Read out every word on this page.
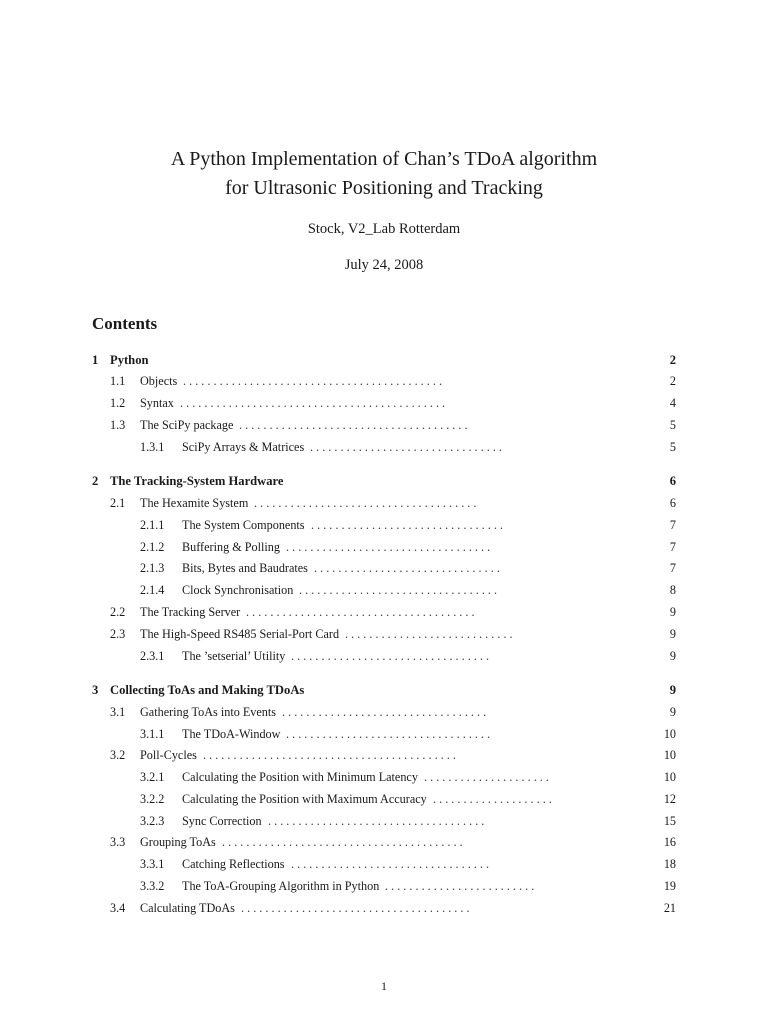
A Python Implementation of Chan’s TDoA algorithm
for Ultrasonic Positioning and Tracking
Stock, V2_Lab Rotterdam
July 24, 2008
Contents
1 Python	2
1.1 Objects	2
. . . . . . . . . . . . . . . . . . . . . . . . . . . . . . . . . . . . . . . . . . .
1.2 Syntax	4
. . . . . . . . . . . . . . . . . . . . . . . . . . . . . . . . . . . . . . . . . . . .
1.3 The SciPy package	5
. . . . . . . . . . . . . . . . . . . . . . . . . . . . . . . . . . . . . .
1.3.1 SciPy Arrays & Matrices	5
. . . . . . . . . . . . . . . . . . . . . . . . . . . . . . . .
2 The Tracking-System Hardware	6
2.1 The Hexamite System	6
. . . . . . . . . . . . . . . . . . . . . . . . . . . . . . . . . . . . .
2.1.1 The System Components	7
. . . . . . . . . . . . . . . . . . . . . . . . . . . . . . . .
2.1.2 Buffering & Polling	7
. . . . . . . . . . . . . . . . . . . . . . . . . . . . . . . . . .
2.1.3 Bits, Bytes and Baudrates	7
. . . . . . . . . . . . . . . . . . . . . . . . . . . . . . .
2.1.4 Clock Synchronisation	8
. . . . . . . . . . . . . . . . . . . . . . . . . . . . . . . . .
2.2 The Tracking Server	9
. . . . . . . . . . . . . . . . . . . . . . . . . . . . . . . . . . . . . .
2.3 The High-Speed RS485 Serial-Port Card	9
. . . . . . . . . . . . . . . . . . . . . . . . . . . .
2.3.1 The ’setserial’ Utility	9
. . . . . . . . . . . . . . . . . . . . . . . . . . . . . . . . .
3 Collecting ToAs and Making TDoAs	9
3.1 Gathering ToAs into Events	9
. . . . . . . . . . . . . . . . . . . . . . . . . . . . . . . . . .
3.1.1 The TDoA-Window	10
. . . . . . . . . . . . . . . . . . . . . . . . . . . . . . . . . .
3.2 Poll-Cycles	10
. . . . . . . . . . . . . . . . . . . . . . . . . . . . . . . . . . . . . . . . . .
3.2.1 Calculating the Position with Minimum Latency	10
. . . . . . . . . . . . . . . . . . . . .
3.2.2 Calculating the Position with Maximum Accuracy	12
. . . . . . . . . . . . . . . . . . . .
3.2.3 Sync Correction	15
. . . . . . . . . . . . . . . . . . . . . . . . . . . . . . . . . . . .
3.3 Grouping ToAs	16
. . . . . . . . . . . . . . . . . . . . . . . . . . . . . . . . . . . . . . . .
3.3.1 Catching Reflections	18
. . . . . . . . . . . . . . . . . . . . . . . . . . . . . . . . .
3.3.2 The ToA-Grouping Algorithm in Python	19
. . . . . . . . . . . . . . . . . . . . . . . . .
3.4 Calculating TDoAs	21
. . . . . . . . . . . . . . . . . . . . . . . . . . . . . . . . . . . . . .
1
